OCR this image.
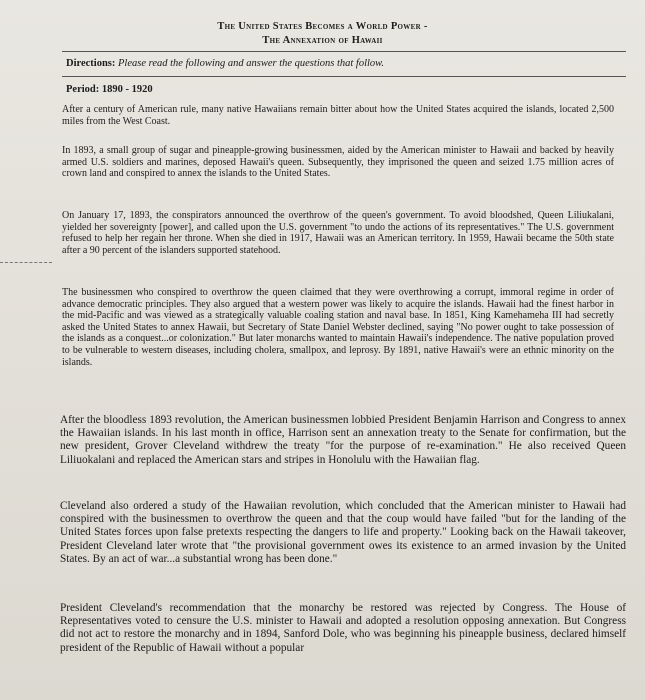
The United States Becomes a World Power -
The Annexation of Hawaii
Directions: Please read the following and answer the questions that follow.
Period: 1890 - 1920

After a century of American rule, many native Hawaiians remain bitter about how the United States acquired the islands, located 2,500 miles from the West Coast.

In 1893, a small group of sugar and pineapple-growing businessmen, aided by the American minister to Hawaii and backed by heavily armed U.S. soldiers and marines, deposed Hawaii's queen. Subsequently, they imprisoned the queen and seized 1.75 million acres of crown land and conspired to annex the islands to the United States.

On January 17, 1893, the conspirators announced the overthrow of the queen's government. To avoid bloodshed, Queen Liliukalani, yielded her sovereignty [power], and called upon the U.S. government "to undo the actions of its representatives." The U.S. government refused to help her regain her throne. When she died in 1917, Hawaii was an American territory. In 1959, Hawaii became the 50th state after a 90 percent of the islanders supported statehood.

The businessmen who conspired to overthrow the queen claimed that they were overthrowing a corrupt, immoral regime in order of advance democratic principles. They also argued that a western power was likely to acquire the islands. Hawaii had the finest harbor in the mid-Pacific and was viewed as a strategically valuable coaling station and naval base. In 1851, King Kamehameha III had secretly asked the United States to annex Hawaii, but Secretary of State Daniel Webster declined, saying "No power ought to take possession of the islands as a conquest...or colonization." But later monarchs wanted to maintain Hawaii's independence. The native population proved to be vulnerable to western diseases, including cholera, smallpox, and leprosy. By 1891, native Hawaii's were an ethnic minority on the islands.

After the bloodless 1893 revolution, the American businessmen lobbied President Benjamin Harrison and Congress to annex the Hawaiian islands. In his last month in office, Harrison sent an annexation treaty to the Senate for confirmation, but the new president, Grover Cleveland withdrew the treaty "for the purpose of re-examination." He also received Queen Liliuokalani and replaced the American stars and stripes in Honolulu with the Hawaiian flag.

Cleveland also ordered a study of the Hawaiian revolution, which concluded that the American minister to Hawaii had conspired with the businessmen to overthrow the queen and that the coup would have failed "but for the landing of the United States forces upon false pretexts respecting the dangers to life and property." Looking back on the Hawaii takeover, President Cleveland later wrote that "the provisional government owes its existence to an armed invasion by the United States. By an act of war...a substantial wrong has been done."

President Cleveland's recommendation that the monarchy be restored was rejected by Congress. The House of Representatives voted to censure the U.S. minister to Hawaii and adopted a resolution opposing annexation. But Congress did not act to restore the monarchy and in 1894, Sanford Dole, who was beginning his pineapple business, declared himself president of the Republic of Hawaii without a popular
